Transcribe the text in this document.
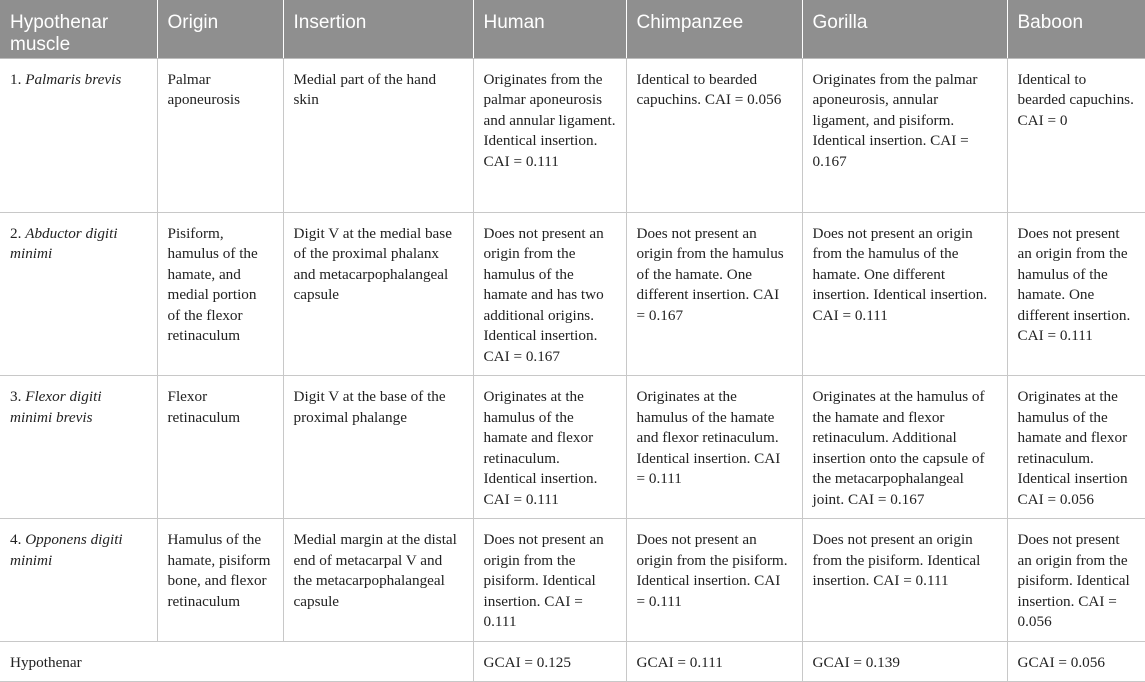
Hypothenar muscle	Origin	Insertion	Human	Chimpanzee	Gorilla	Baboon
1. Palmaris brevis	Palmar aponeurosis	Medial part of the hand skin	Originates from the palmar aponeurosis and annular ligament. Identical insertion. CAI = 0.111	Identical to bearded capuchins. CAI = 0.056	Originates from the palmar aponeurosis, annular ligament, and pisiform. Identical insertion. CAI = 0.167	Identical to bearded capuchins. CAI = 0
2. Abductor digiti minimi	Pisiform, hamulus of the hamate, and medial portion of the flexor retinaculum	Digit V at the medial base of the proximal phalanx and metacarpophalangeal capsule	Does not present an origin from the hamulus of the hamate and has two additional origins. Identical insertion. CAI = 0.167	Does not present an origin from the hamulus of the hamate. One different insertion. CAI = 0.167	Does not present an origin from the hamulus of the hamate. One different insertion. Identical insertion. CAI = 0.111	Does not present an origin from the hamulus of the hamate. One different insertion. CAI = 0.111
3. Flexor digiti minimi brevis	Flexor retinaculum	Digit V at the base of the proximal phalange	Originates at the hamulus of the hamate and flexor retinaculum. Identical insertion. CAI = 0.111	Originates at the hamulus of the hamate and flexor retinaculum. Identical insertion. CAI = 0.111	Originates at the hamulus of the hamate and flexor retinaculum. Additional insertion onto the capsule of the metacarpophalangeal joint. CAI = 0.167	Originates at the hamulus of the hamate and flexor retinaculum. Identical insertion CAI = 0.056
4. Opponens digiti minimi	Hamulus of the hamate, pisiform bone, and flexor retinaculum	Medial margin at the distal end of metacarpal V and the metacarpophalangeal capsule	Does not present an origin from the pisiform. Identical insertion. CAI = 0.111	Does not present an origin from the pisiform. Identical insertion. CAI = 0.111	Does not present an origin from the pisiform. Identical insertion. CAI = 0.111	Does not present an origin from the pisiform. Identical insertion. CAI = 0.056
Hypothenar			GCAI = 0.125	GCAI = 0.111	GCAI = 0.139	GCAI = 0.056
